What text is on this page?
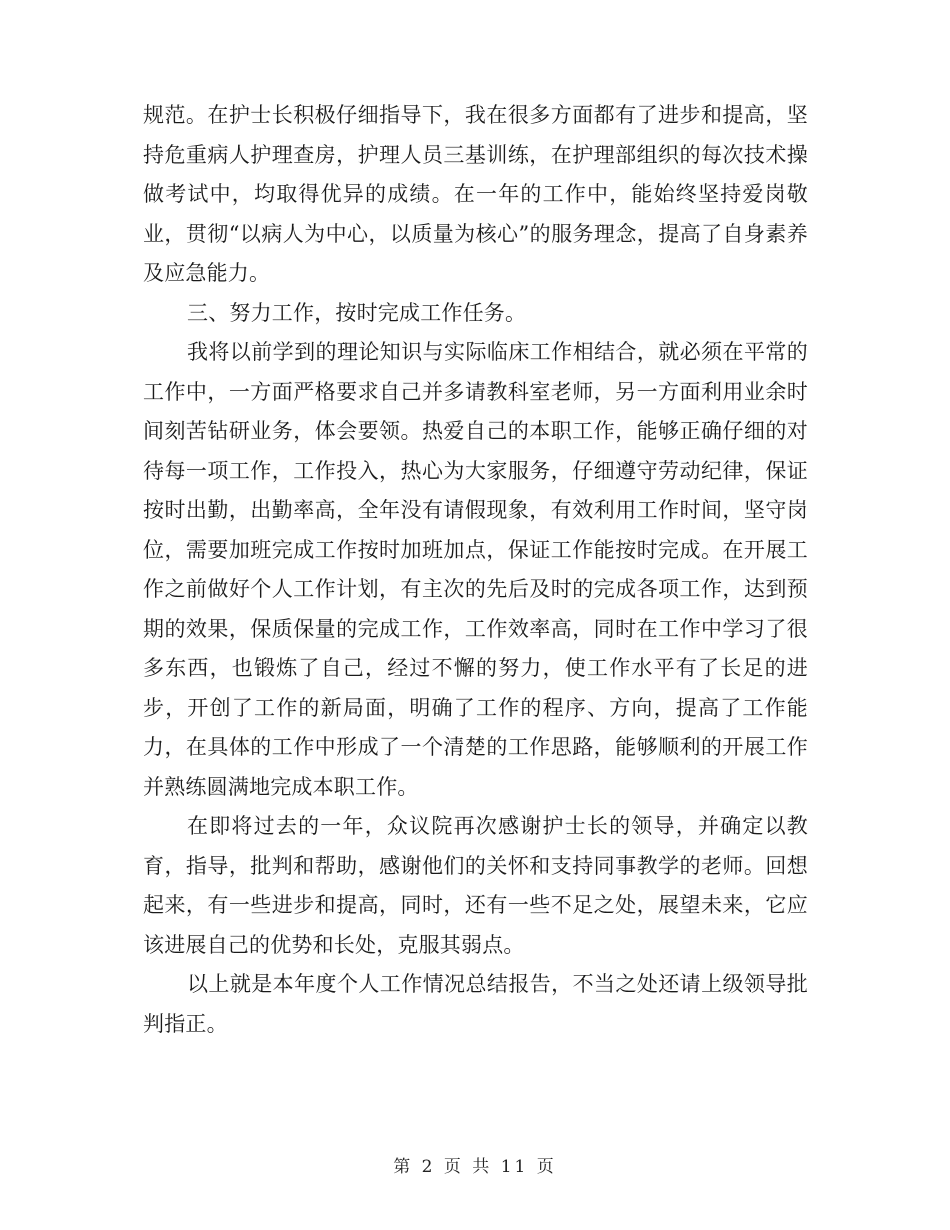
规范。在护士长积极仔细指导下，我在很多方面都有了进步和提高，坚持危重病人护理查房，护理人员三基训练，在护理部组织的每次技术操做考试中，均取得优异的成绩。在一年的工作中，能始终坚持爱岗敬业，贯彻“以病人为中心，以质量为核心”的服务理念，提高了自身素养及应急能力。

三、努力工作，按时完成工作任务。

我将以前学到的理论知识与实际临床工作相结合，就必须在平常的工作中，一方面严格要求自己并多请教科室老师，另一方面利用业余时间刻苦钻研业务，体会要领。热爱自己的本职工作，能够正确仔细的对待每一项工作，工作投入，热心为大家服务，仔细遵守劳动纪律，保证按时出勤，出勤率高，全年没有请假现象，有效利用工作时间，坚守岗位，需要加班完成工作按时加班加点，保证工作能按时完成。在开展工作之前做好个人工作计划，有主次的先后及时的完成各项工作，达到预期的效果，保质保量的完成工作，工作效率高，同时在工作中学习了很多东西，也锻炼了自己，经过不懈的努力，使工作水平有了长足的进步，开创了工作的新局面，明确了工作的程序、方向，提高了工作能力，在具体的工作中形成了一个清楚的工作思路，能够顺利的开展工作并熟练圆满地完成本职工作。

在即将过去的一年，众议院再次感谢护士长的领导，并确定以教育，指导，批判和帮助，感谢他们的关怀和支持同事教学的老师。回想起来，有一些进步和提高，同时，还有一些不足之处，展望未来，它应该进展自己的优势和长处，克服其弱点。

以上就是本年度个人工作情况总结报告，不当之处还请上级领导批判指正。

第 2 页 共 11 页
